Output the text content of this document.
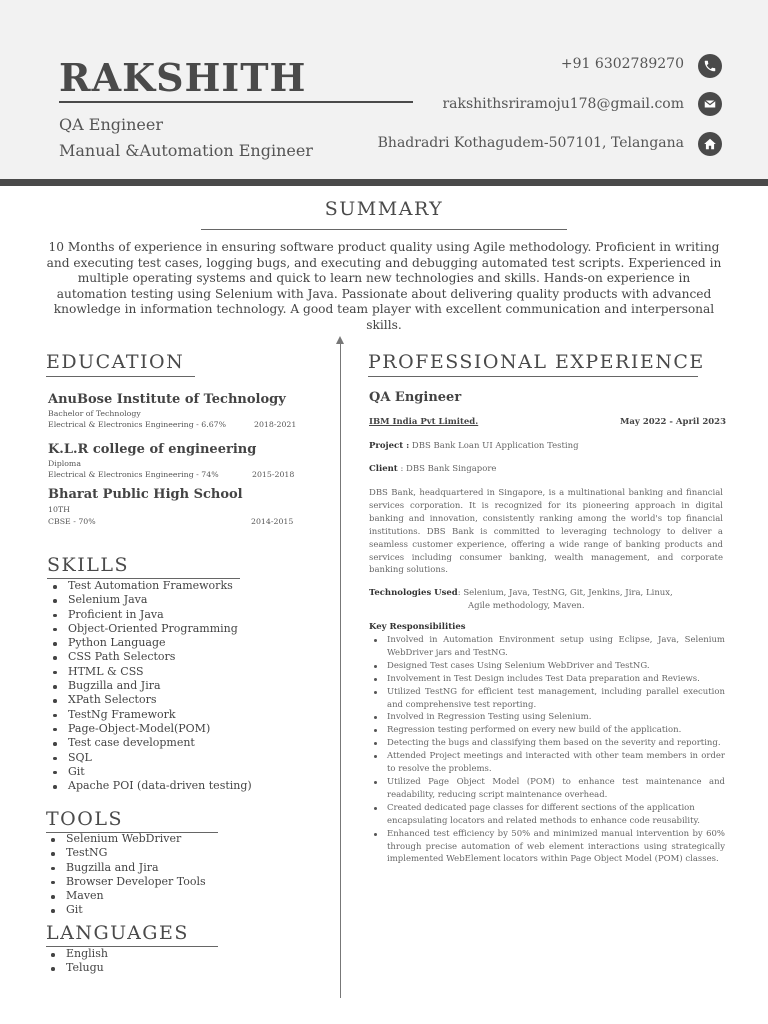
RAKSHITH
QA Engineer
Manual &Automation Engineer
+91 6302789270
rakshithsriramoju178@gmail.com
Bhadradri Kothagudem-507101, Telangana
SUMMARY
10 Months of experience in ensuring software product quality using Agile methodology. Proficient in writing and executing test cases, logging bugs, and executing and debugging automated test scripts. Experienced in multiple operating systems and quick to learn new technologies and skills. Hands-on experience in automation testing using Selenium with Java. Passionate about delivering quality products with advanced knowledge in information technology. A good team player with excellent communication and interpersonal skills.
EDUCATION
AnuBose Institute of Technology
Bachelor of Technology
Electrical & Electronics Engineering - 6.67%	2018-2021
K.L.R college of engineering
Diploma
Electrical & Electronics Engineering - 74%	2015-2018
Bharat Public High School
10TH
CBSE - 70%	2014-2015
SKILLS
Test Automation Frameworks
Selenium Java
Proficient in Java
Object-Oriented Programming
Python Language
CSS Path Selectors
HTML & CSS
Bugzilla and Jira
XPath Selectors
TestNg Framework
Page-Object-Model(POM)
Test case development
SQL
Git
Apache POI (data-driven testing)
TOOLS
Selenium WebDriver
TestNG
Bugzilla and Jira
Browser Developer Tools
Maven
Git
LANGUAGES
English
Telugu
PROFESSIONAL EXPERIENCE
QA Engineer
IBM India Pvt Limited.	May 2022 - April 2023
Project : DBS Bank Loan UI Application Testing
Client : DBS Bank Singapore
DBS Bank, headquartered in Singapore, is a multinational banking and financial services corporation. It is recognized for its pioneering approach in digital banking and innovation, consistently ranking among the world's top financial institutions. DBS Bank is committed to leveraging technology to deliver a seamless customer experience, offering a wide range of banking products and services including consumer banking, wealth management, and corporate banking solutions.
Technologies Used: Selenium, Java, TestNG, Git, Jenkins, Jira, Linux,
Agile methodology, Maven.
Key Responsibilities
Involved in Automation Environment setup using Eclipse, Java, Selenium WebDriver jars and TestNG.
Designed Test cases Using Selenium WebDriver and TestNG.
Involvement in Test Design includes Test Data preparation and Reviews.
Utilized TestNG for efficient test management, including parallel execution and comprehensive test reporting.
Involved in Regression Testing using Selenium.
Regression testing performed on every new build of the application.
Detecting the bugs and classifying them based on the severity and reporting.
Attended Project meetings and interacted with other team members in order to resolve the problems.
Utilized Page Object Model (POM) to enhance test maintenance and readability, reducing script maintenance overhead.
Created dedicated page classes for different sections of the application
encapsulating locators and related methods to enhance code reusability.
Enhanced test efficiency by 50% and minimized manual intervention by 60% through precise automation of web element interactions using strategically implemented WebElement locators within Page Object Model (POM) classes.
